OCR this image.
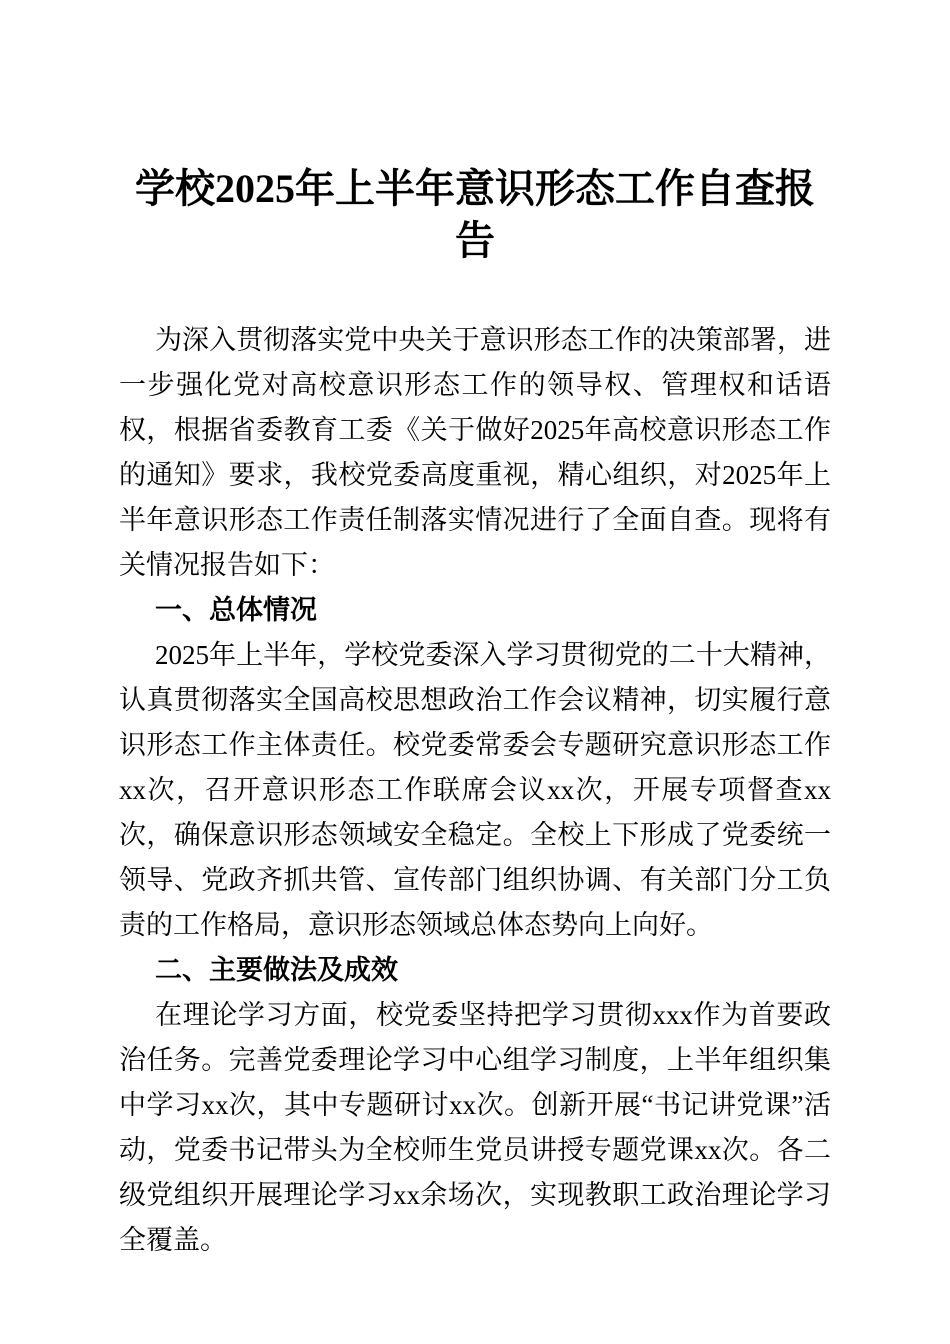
学校2025年上半年意识形态工作自查报告

为深入贯彻落实党中央关于意识形态工作的决策部署，进一步强化党对高校意识形态工作的领导权、管理权和话语权，根据省委教育工委《关于做好2025年高校意识形态工作的通知》要求，我校党委高度重视，精心组织，对2025年上半年意识形态工作责任制落实情况进行了全面自查。现将有关情况报告如下：

一、总体情况

2025年上半年，学校党委深入学习贯彻党的二十大精神，认真贯彻落实全国高校思想政治工作会议精神，切实履行意识形态工作主体责任。校党委常委会专题研究意识形态工作xx次，召开意识形态工作联席会议xx次，开展专项督查xx次，确保意识形态领域安全稳定。全校上下形成了党委统一领导、党政齐抓共管、宣传部门组织协调、有关部门分工负责的工作格局，意识形态领域总体态势向上向好。

二、主要做法及成效

在理论学习方面，校党委坚持把学习贯彻xxx作为首要政治任务。完善党委理论学习中心组学习制度，上半年组织集中学习xx次，其中专题研讨xx次。创新开展“书记讲党课”活动，党委书记带头为全校师生党员讲授专题党课xx次。各二级党组织开展理论学习xx余场次，实现教职工政治理论学习全覆盖。
